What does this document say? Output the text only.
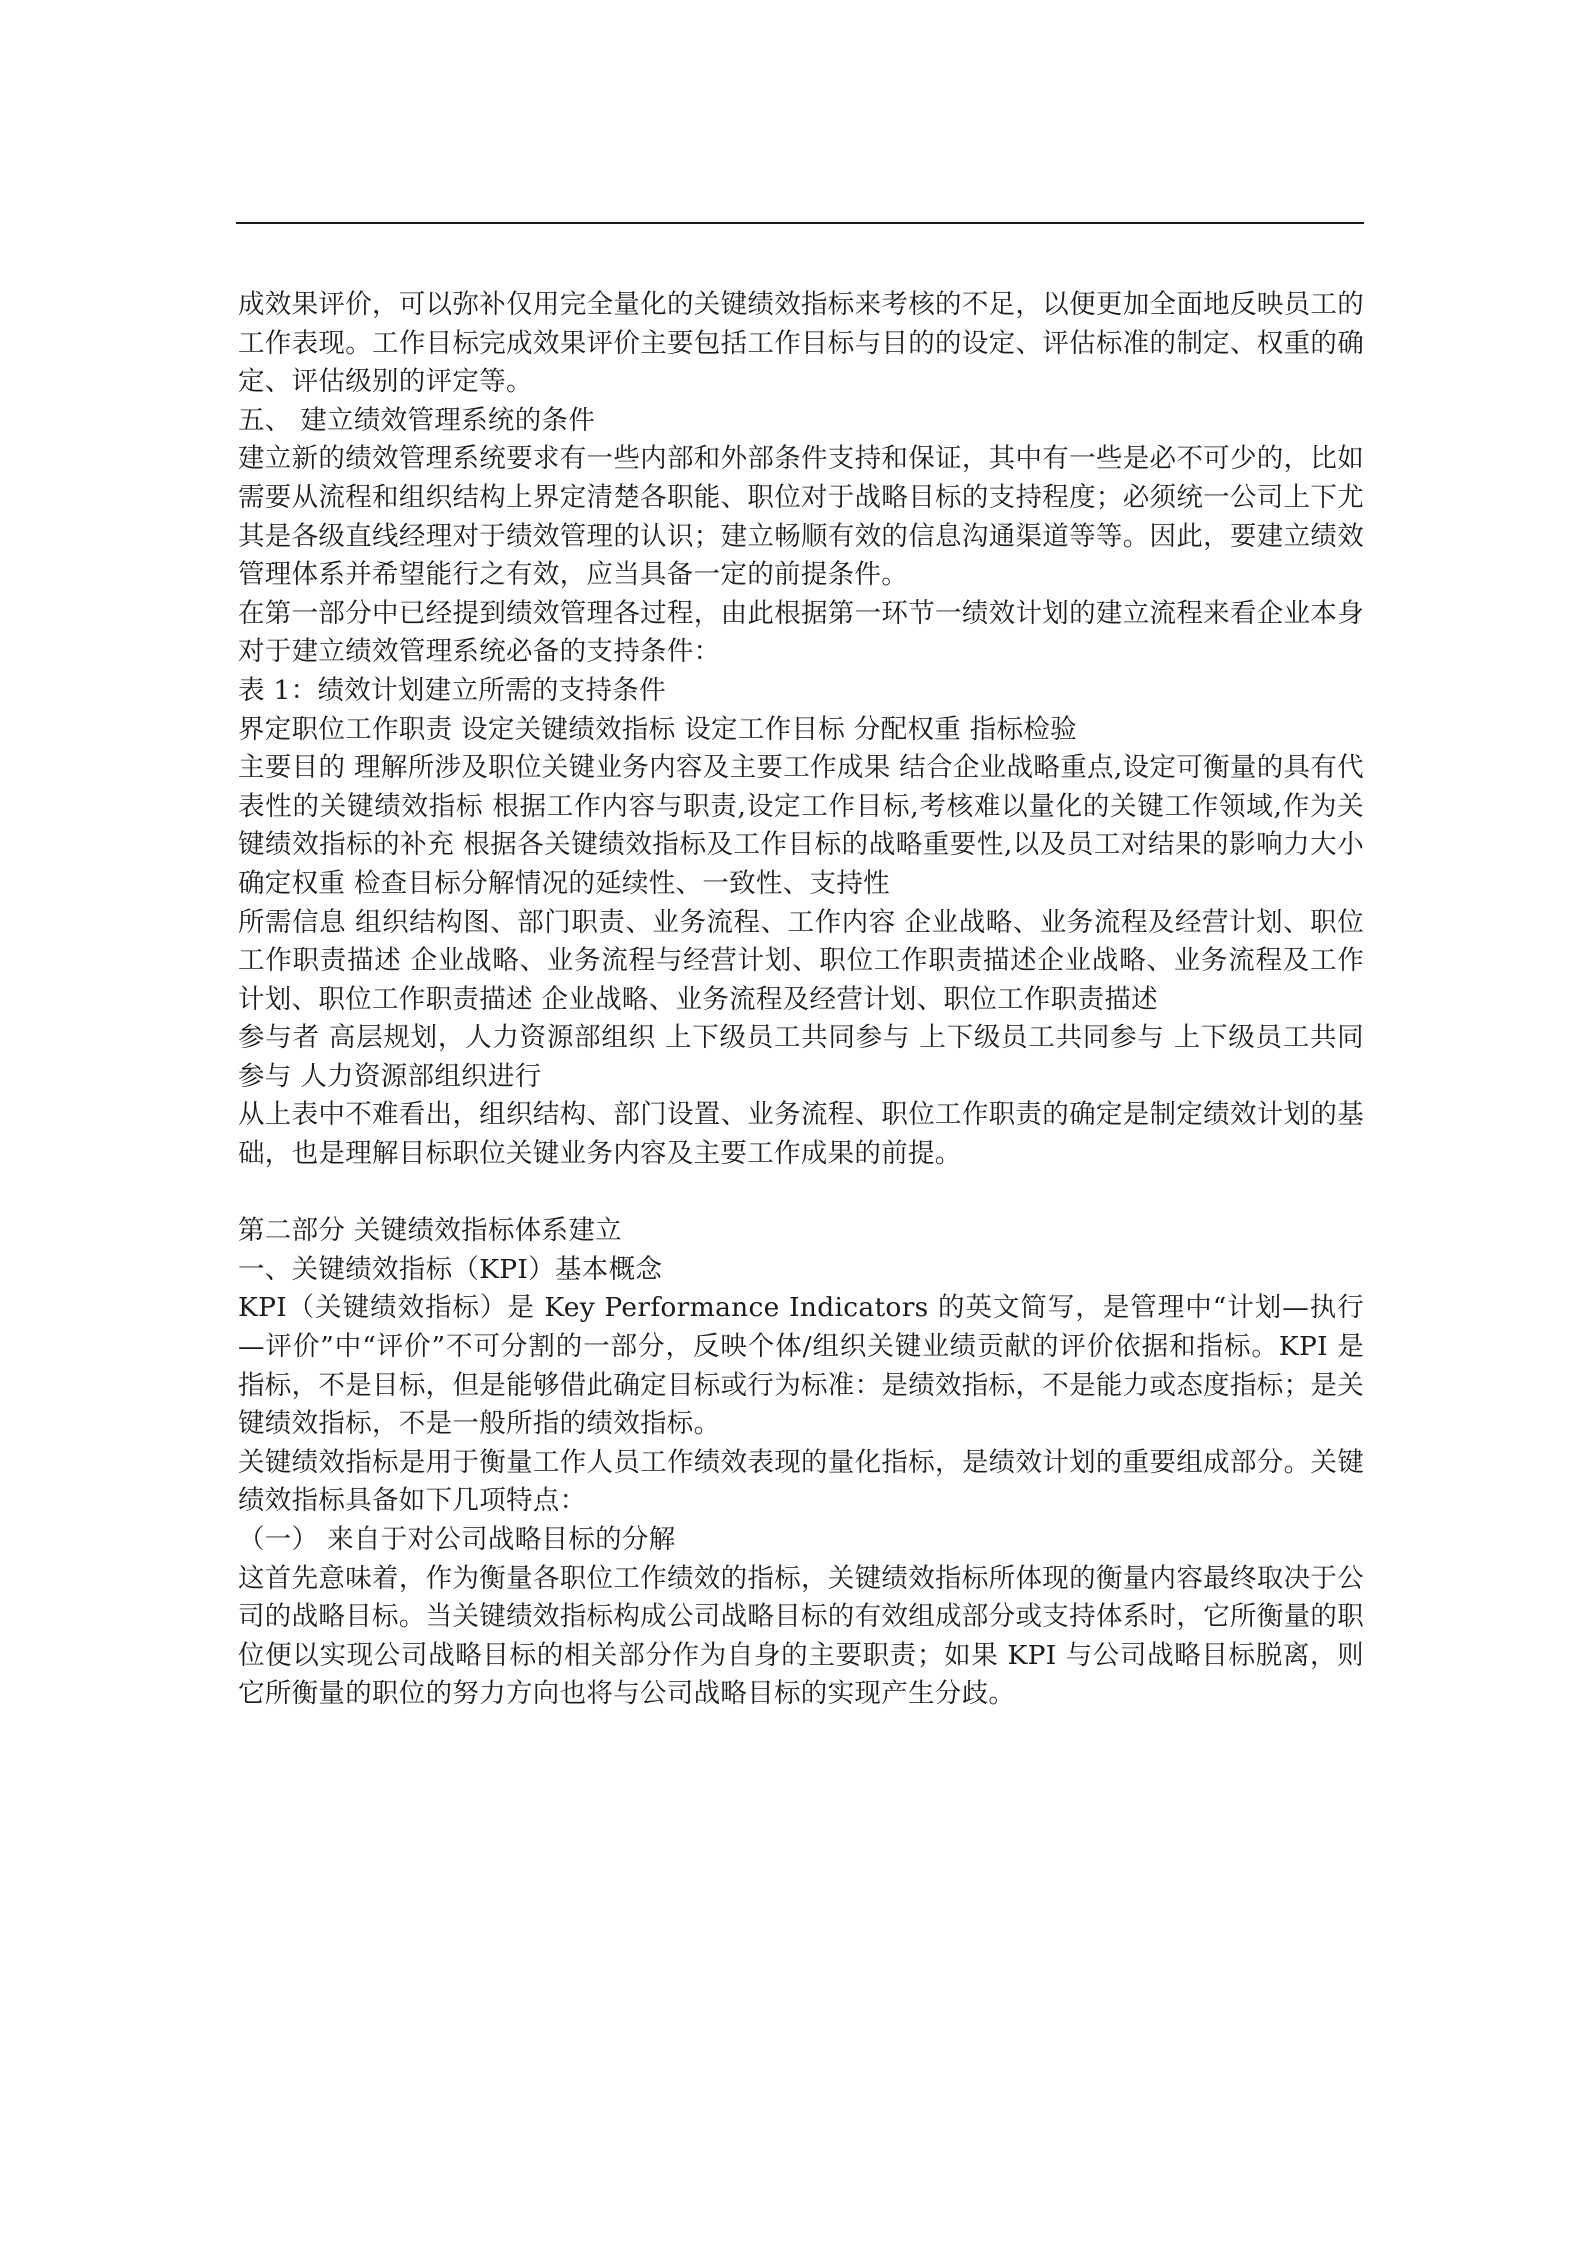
成效果评价，可以弥补仅用完全量化的关键绩效指标来考核的不足，以便更加全面地反映员工的工作表现。工作目标完成效果评价主要包括工作目标与目的的设定、评估标准的制定、权重的确定、评估级别的评定等。

五、 建立绩效管理系统的条件

建立新的绩效管理系统要求有一些内部和外部条件支持和保证，其中有一些是必不可少的，比如需要从流程和组织结构上界定清楚各职能、职位对于战略目标的支持程度；必须统一公司上下尤其是各级直线经理对于绩效管理的认识；建立畅顺有效的信息沟通渠道等等。因此，要建立绩效管理体系并希望能行之有效，应当具备一定的前提条件。

在第一部分中已经提到绩效管理各过程，由此根据第一环节一绩效计划的建立流程来看企业本身对于建立绩效管理系统必备的支持条件：

表 1：绩效计划建立所需的支持条件

界定职位工作职责 设定关键绩效指标 设定工作目标 分配权重 指标检验

主要目的 理解所涉及职位关键业务内容及主要工作成果 结合企业战略重点,设定可衡量的具有代表性的关键绩效指标 根据工作内容与职责,设定工作目标,考核难以量化的关键工作领域,作为关键绩效指标的补充 根据各关键绩效指标及工作目标的战略重要性,以及员工对结果的影响力大小确定权重 检查目标分解情况的延续性、一致性、支持性

所需信息 组织结构图、部门职责、业务流程、工作内容 企业战略、业务流程及经营计划、职位工作职责描述 企业战略、业务流程与经营计划、职位工作职责描述企业战略、业务流程及工作计划、职位工作职责描述 企业战略、业务流程及经营计划、职位工作职责描述

参与者 高层规划，人力资源部组织 上下级员工共同参与 上下级员工共同参与 上下级员工共同参与 人力资源部组织进行

从上表中不难看出，组织结构、部门设置、业务流程、职位工作职责的确定是制定绩效计划的基础，也是理解目标职位关键业务内容及主要工作成果的前提。

第二部分 关键绩效指标体系建立

一、关键绩效指标（KPI）基本概念

KPI（关键绩效指标）是 Key Performance Indicators 的英文简写，是管理中“计划—执行—评价”中“评价”不可分割的一部分，反映个体/组织关键业绩贡献的评价依据和指标。KPI 是指标，不是目标，但是能够借此确定目标或行为标准：是绩效指标，不是能力或态度指标；是关键绩效指标，不是一般所指的绩效指标。

关键绩效指标是用于衡量工作人员工作绩效表现的量化指标，是绩效计划的重要组成部分。关键绩效指标具备如下几项特点：

（一） 来自于对公司战略目标的分解

这首先意味着，作为衡量各职位工作绩效的指标，关键绩效指标所体现的衡量内容最终取决于公司的战略目标。当关键绩效指标构成公司战略目标的有效组成部分或支持体系时，它所衡量的职位便以实现公司战略目标的相关部分作为自身的主要职责；如果 KPI 与公司战略目标脱离，则它所衡量的职位的努力方向也将与公司战略目标的实现产生分歧。
